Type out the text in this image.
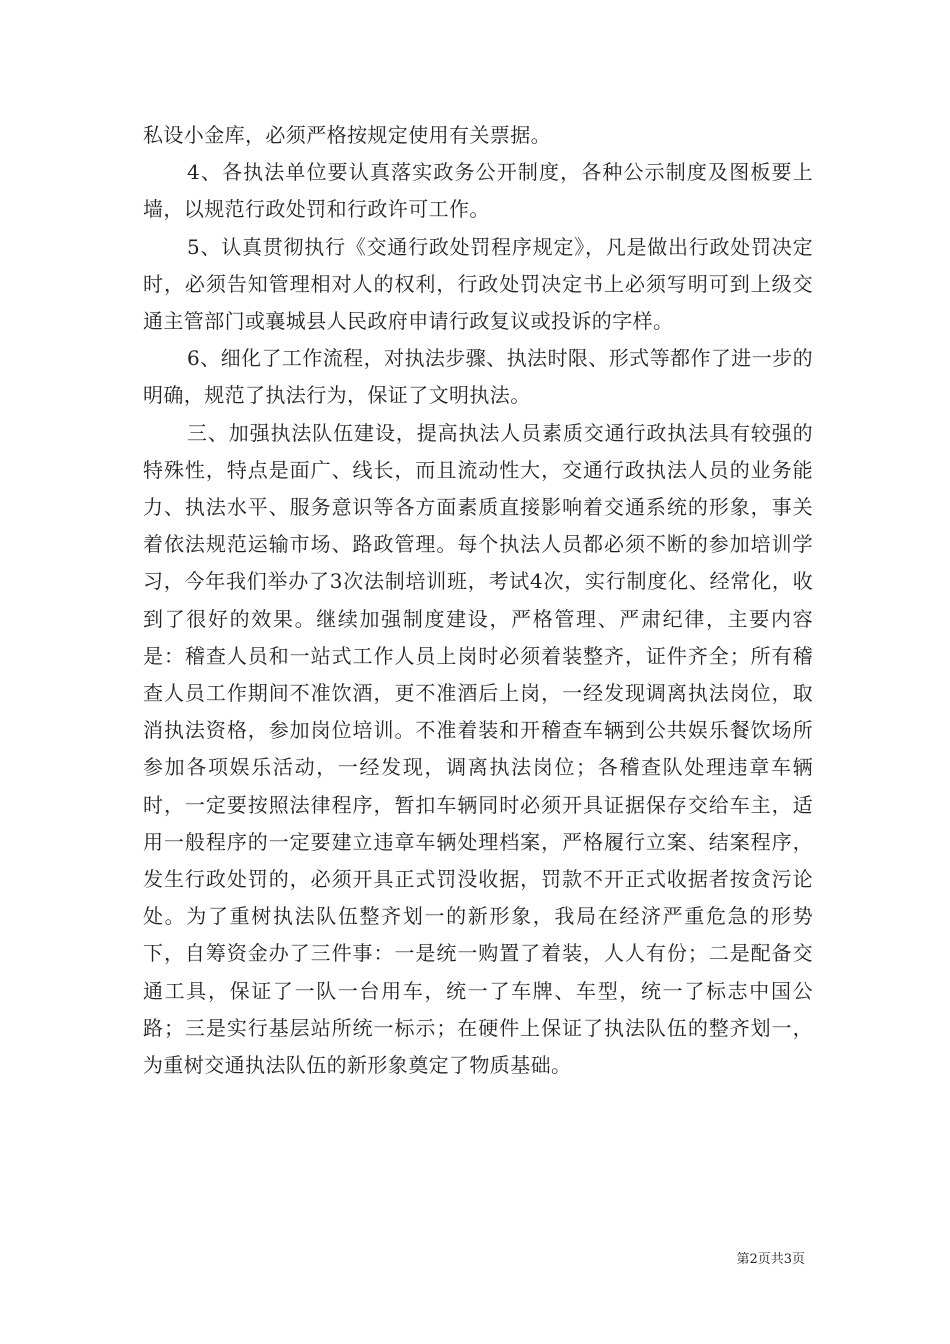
私设小金库，必须严格按规定使用有关票据。

4、各执法单位要认真落实政务公开制度，各种公示制度及图板要上墙，以规范行政处罚和行政许可工作。

5、认真贯彻执行《交通行政处罚程序规定》，凡是做出行政处罚决定时，必须告知管理相对人的权利，行政处罚决定书上必须写明可到上级交通主管部门或襄城县人民政府申请行政复议或投诉的字样。

6、细化了工作流程，对执法步骤、执法时限、形式等都作了进一步的明确，规范了执法行为，保证了文明执法。

三、加强执法队伍建设，提高执法人员素质交通行政执法具有较强的特殊性，特点是面广、线长，而且流动性大，交通行政执法人员的业务能力、执法水平、服务意识等各方面素质直接影响着交通系统的形象，事关着依法规范运输市场、路政管理。每个执法人员都必须不断的参加培训学习，今年我们举办了3次法制培训班，考试4次，实行制度化、经常化，收到了很好的效果。继续加强制度建设，严格管理、严肃纪律，主要内容是：稽查人员和一站式工作人员上岗时必须着装整齐，证件齐全；所有稽查人员工作期间不准饮酒，更不准酒后上岗，一经发现调离执法岗位，取消执法资格，参加岗位培训。不准着装和开稽查车辆到公共娱乐餐饮场所参加各项娱乐活动，一经发现，调离执法岗位；各稽查队处理违章车辆时，一定要按照法律程序，暂扣车辆同时必须开具证据保存交给车主，适用一般程序的一定要建立违章车辆处理档案，严格履行立案、结案程序，发生行政处罚的，必须开具正式罚没收据，罚款不开正式收据者按贪污论处。为了重树执法队伍整齐划一的新形象，我局在经济严重危急的形势下，自筹资金办了三件事：一是统一购置了着装，人人有份；二是配备交通工具，保证了一队一台用车，统一了车牌、车型，统一了标志中国公路；三是实行基层站所统一标示；在硬件上保证了执法队伍的整齐划一，为重树交通执法队伍的新形象奠定了物质基础。

第2页共3页
